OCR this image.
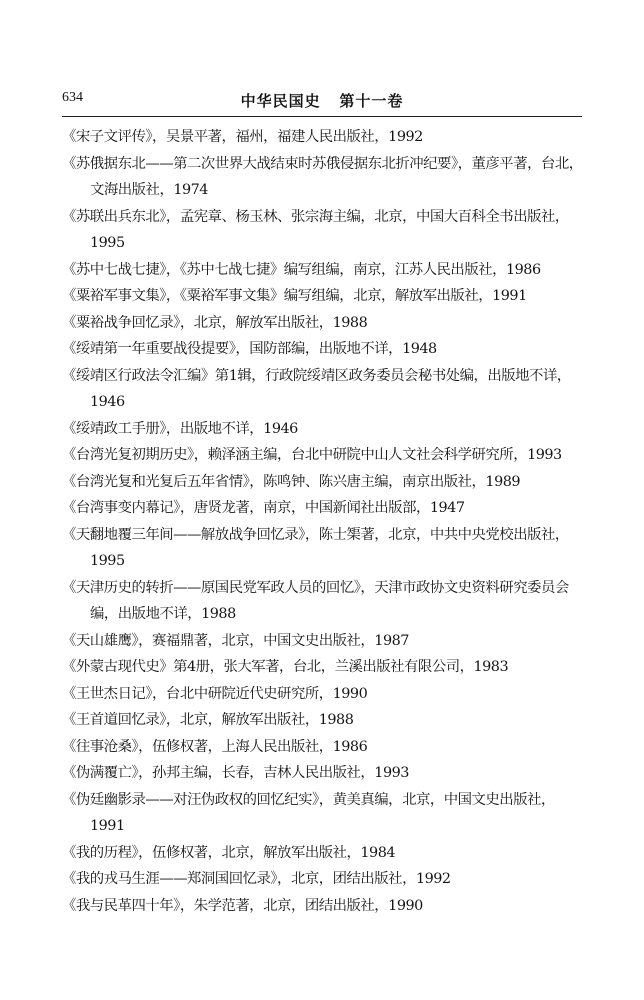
634	中华民国史   第十一卷

《宋子文评传》，吴景平著，福州，福建人民出版社，1992

《苏俄据东北——第二次世界大战结束时苏俄侵据东北折冲纪要》，董彦平著，台北，文海出版社，1974

《苏联出兵东北》，孟宪章、杨玉林、张宗海主编，北京，中国大百科全书出版社，1995

《苏中七战七捷》，《苏中七战七捷》编写组编，南京，江苏人民出版社，1986

《粟裕军事文集》，《粟裕军事文集》编写组编，北京，解放军出版社，1991

《粟裕战争回忆录》，北京，解放军出版社，1988

《绥靖第一年重要战役提要》，国防部编，出版地不详，1948

《绥靖区行政法令汇编》第1辑，行政院绥靖区政务委员会秘书处编，出版地不详，1946

《绥靖政工手册》，出版地不详，1946

《台湾光复初期历史》，赖泽涵主编，台北中研院中山人文社会科学研究所，1993

《台湾光复和光复后五年省情》，陈鸣钟、陈兴唐主编，南京出版社，1989

《台湾事变内幕记》，唐贤龙著，南京，中国新闻社出版部，1947

《天翻地覆三年间——解放战争回忆录》，陈士榘著，北京，中共中央党校出版社，1995

《天津历史的转折——原国民党军政人员的回忆》，天津市政协文史资料研究委员会编，出版地不详，1988

《天山雄鹰》，赛福鼎著，北京，中国文史出版社，1987

《外蒙古现代史》第4册，张大军著，台北，兰溪出版社有限公司，1983

《王世杰日记》，台北中研院近代史研究所，1990

《王首道回忆录》，北京，解放军出版社，1988

《往事沧桑》，伍修权著，上海人民出版社，1986

《伪满覆亡》，孙邦主编，长春，吉林人民出版社，1993

《伪廷幽影录——对汪伪政权的回忆纪实》，黄美真编，北京，中国文史出版社，1991

《我的历程》，伍修权著，北京，解放军出版社，1984

《我的戎马生涯——郑洞国回忆录》，北京，团结出版社，1992

《我与民革四十年》，朱学范著，北京，团结出版社，1990
